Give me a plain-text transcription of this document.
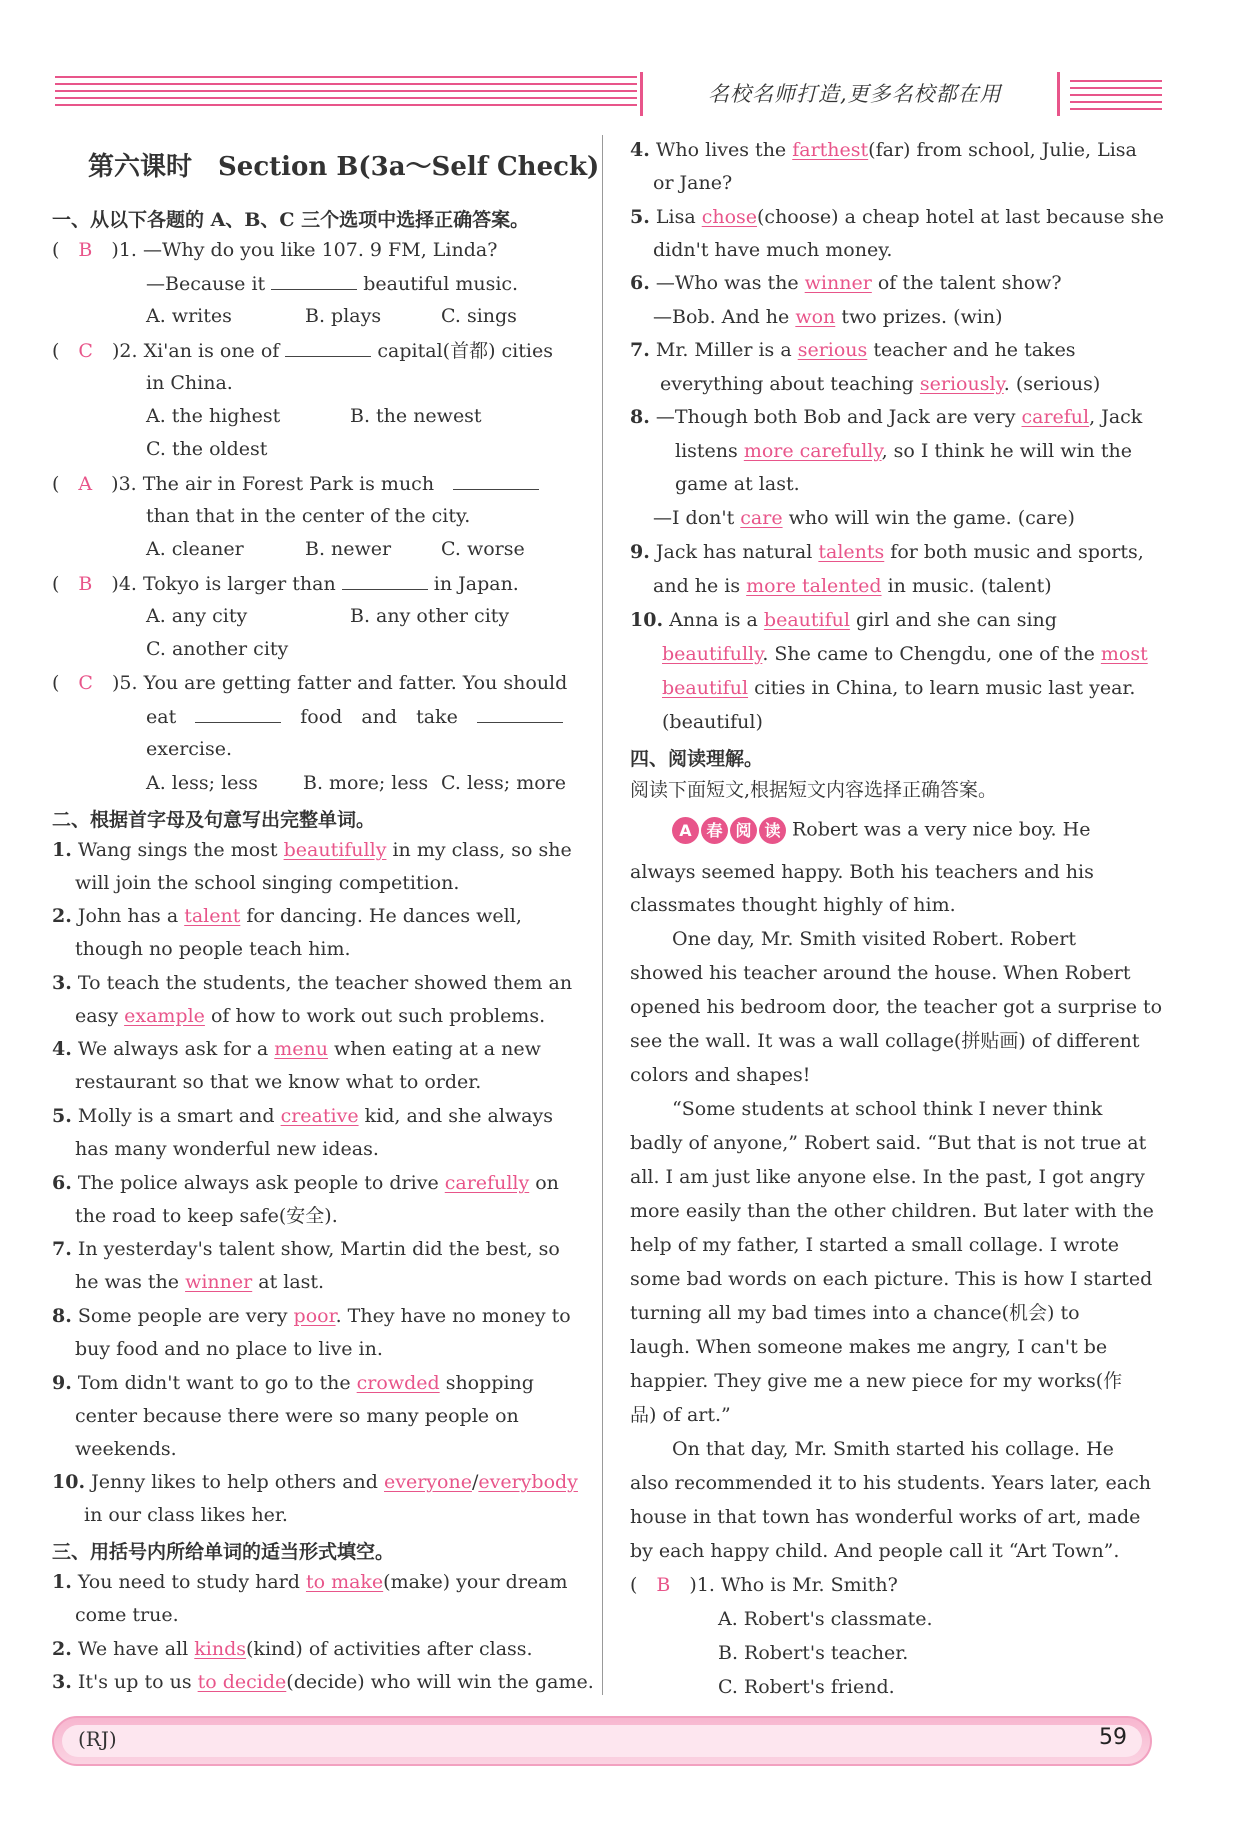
名校名师打造,更多名校都在用
第六课时　Section B(3a～Self Check)
一、从以下各题的 A、B、C 三个选项中选择正确答案。
(　B　 )1. —Why do you like 107. 9 FM, Linda?
—Because it	beautiful music.
A. writes	B. plays	C. sings
(　C　 )2. Xi'an is one of	capital(首都) cities
in China.
A. the highest	B. the newest
C. the oldest
(　A　 )3. The air in Forest Park is much　
than that in the center of the city.
A. cleaner	B. newer	C. worse
(　B　 )4. Tokyo is larger than	in Japan.
A. any city	B. any other city
C. another city
(　C　 )5. You are getting fatter and fatter. You should
eat　　	food　 and　 take　
exercise.
A. less; less B. more; less C. less; more
二、根据首字母及句意写出完整单词。
1. Wang sings the most beautifully in my class, so she
will join the school singing competition.
2. John has a talent for dancing. He dances well,
though no people teach him.
3. To teach the students, the teacher showed them an
easy example of how to work out such problems.
4. We always ask for a menu when eating at a new
restaurant so that we know what to order.
5. Molly is a smart and creative kid, and she always
has many wonderful new ideas.
6. The police always ask people to drive carefully on
the road to keep safe(安全).
7. In yesterday's talent show, Martin did the best, so
he was the winner at last.
8. Some people are very poor. They have no money to
buy food and no place to live in.
9. Tom didn't want to go to the crowded shopping
center because there were so many people on
weekends.
10. Jenny likes to help others and everyone/everybody
in our class likes her.
三、用括号内所给单词的适当形式填空。
1. You need to study hard to make(make) your dream
come true.
2. We have all kinds(kind) of activities after class.
3. It's up to us to decide(decide) who will win the game.
4. Who lives the farthest(far) from school, Julie, Lisa
or Jane?
5. Lisa chose(choose) a cheap hotel at last because she
didn't have much money.
6. —Who was the winner of the talent show?
—Bob. And he won two prizes. (win)
7. Mr. Miller is a serious teacher and he takes
everything about teaching seriously. (serious)
8. —Though both Bob and Jack are very careful, Jack
listens more carefully, so I think he will win the
game at last.
—I don't care who will win the game. (care)
9. Jack has natural talents for both music and sports,
and he is more talented in music. (talent)
10. Anna is a beautiful girl and she can sing
beautifully. She came to Chengdu, one of the most
beautiful cities in China, to learn music last year.
(beautiful)
四、阅读理解。
阅读下面短文,根据短文内容选择正确答案。
A 春 阅 读 Robert was a very nice boy. He
always seemed happy. Both his teachers and his
classmates thought highly of him.
One day, Mr. Smith visited Robert. Robert
showed his teacher around the house. When Robert
opened his bedroom door, the teacher got a surprise to
see the wall. It was a wall collage(拼贴画) of different
colors and shapes!
“Some students at school think I never think
badly of anyone,” Robert said. “But that is not true at
all. I am just like anyone else. In the past, I got angry
more easily than the other children. But later with the
help of my father, I started a small collage. I wrote
some bad words on each picture. This is how I started
turning all my bad times into a chance(机会) to
laugh. When someone makes me angry, I can't be
happier. They give me a new piece for my works(作
品) of art.”
On that day, Mr. Smith started his collage. He
also recommended it to his students. Years later, each
house in that town has wonderful works of art, made
by each happy child. And people call it “Art Town”.
(　B　 )1. Who is Mr. Smith?
A. Robert's classmate.
B. Robert's teacher.
C. Robert's friend.
(RJ)	59
